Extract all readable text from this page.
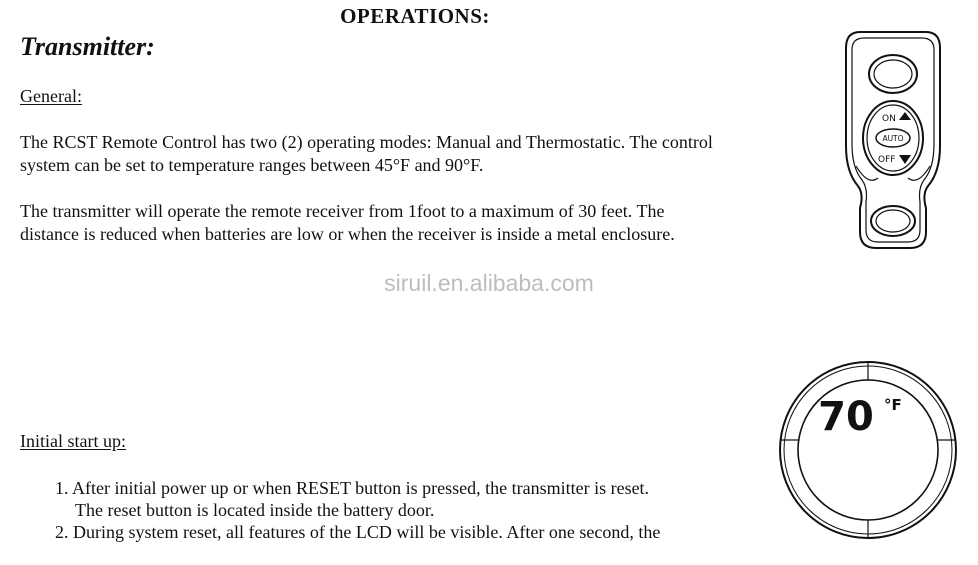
OPERATIONS:
Transmitter:
General:
The RCST Remote Control has two (2) operating modes: Manual and Thermostatic. The control
system can be set to temperature ranges between 45°F and 90°F.
The transmitter will operate the remote receiver from 1foot to a maximum of 30 feet. The
distance is reduced when batteries are low or when the receiver is inside a metal enclosure.
siruil.en.alibaba.com
Initial start up:
1. After initial power up or when RESET button is pressed, the transmitter is reset.
The reset button is located inside the battery door.
2. During system reset, all features of the LCD will be visible. After one second, the
ON
AUTO
OFF
70 °F
